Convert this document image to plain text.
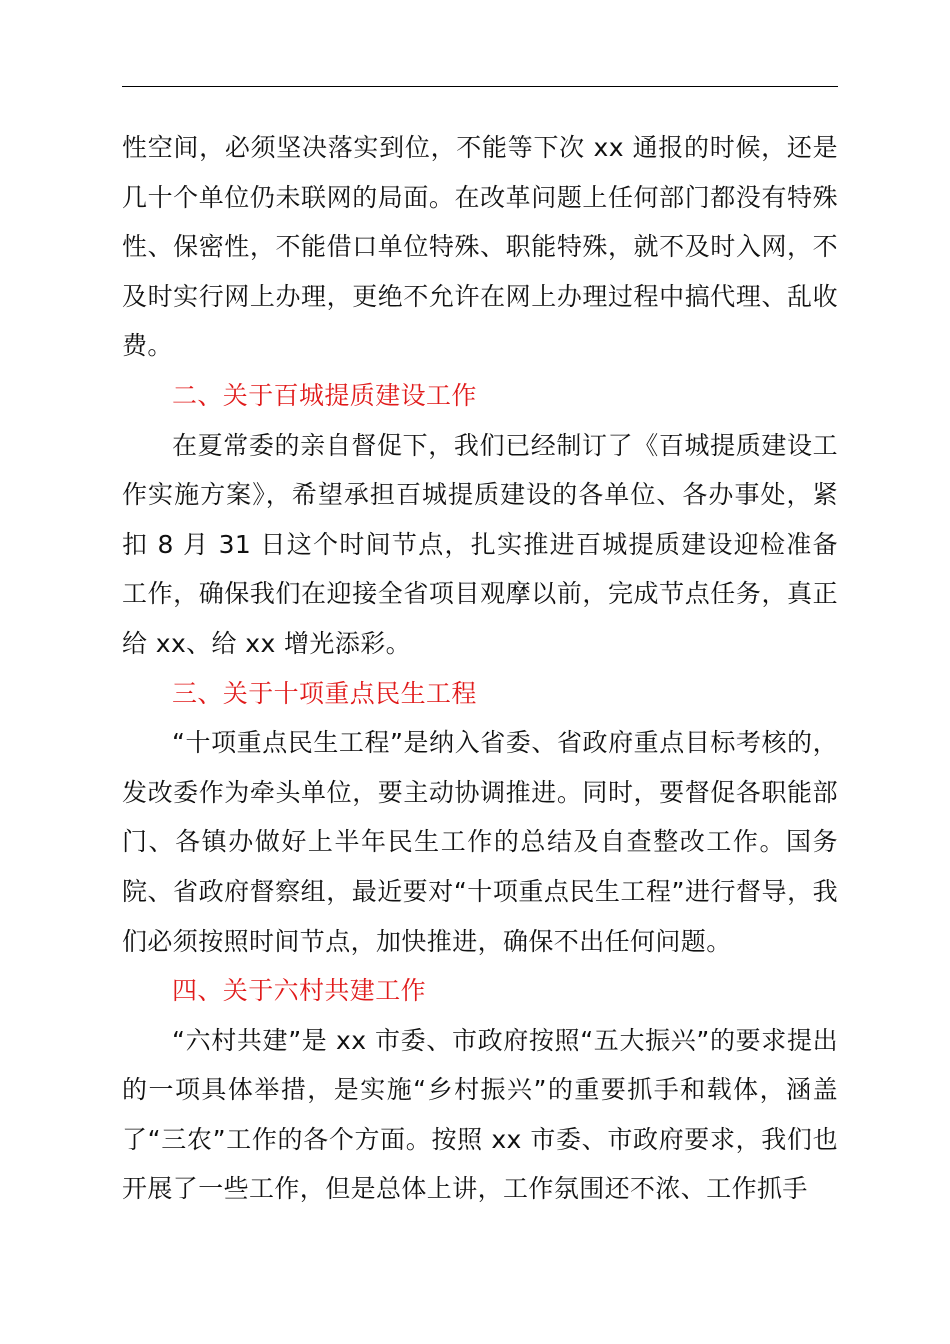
性空间，必须坚决落实到位，不能等下次 xx 通报的时候，还是几十个单位仍未联网的局面。在改革问题上任何部门都没有特殊性、保密性，不能借口单位特殊、职能特殊，就不及时入网，不及时实行网上办理，更绝不允许在网上办理过程中搞代理、乱收费。

二、关于百城提质建设工作

在夏常委的亲自督促下，我们已经制订了《百城提质建设工作实施方案》，希望承担百城提质建设的各单位、各办事处，紧扣 8 月 31 日这个时间节点，扎实推进百城提质建设迎检准备工作，确保我们在迎接全省项目观摩以前，完成节点任务，真正给 xx、给 xx 增光添彩。

三、关于十项重点民生工程

“十项重点民生工程”是纳入省委、省政府重点目标考核的，发改委作为牵头单位，要主动协调推进。同时，要督促各职能部门、各镇办做好上半年民生工作的总结及自查整改工作。国务院、省政府督察组，最近要对“十项重点民生工程”进行督导，我们必须按照时间节点，加快推进，确保不出任何问题。

四、关于六村共建工作

“六村共建”是 xx 市委、市政府按照“五大振兴”的要求提出的一项具体举措，是实施“乡村振兴”的重要抓手和载体，涵盖了“三农”工作的各个方面。按照 xx 市委、市政府要求，我们也开展了一些工作，但是总体上讲，工作氛围还不浓、工作抓手
